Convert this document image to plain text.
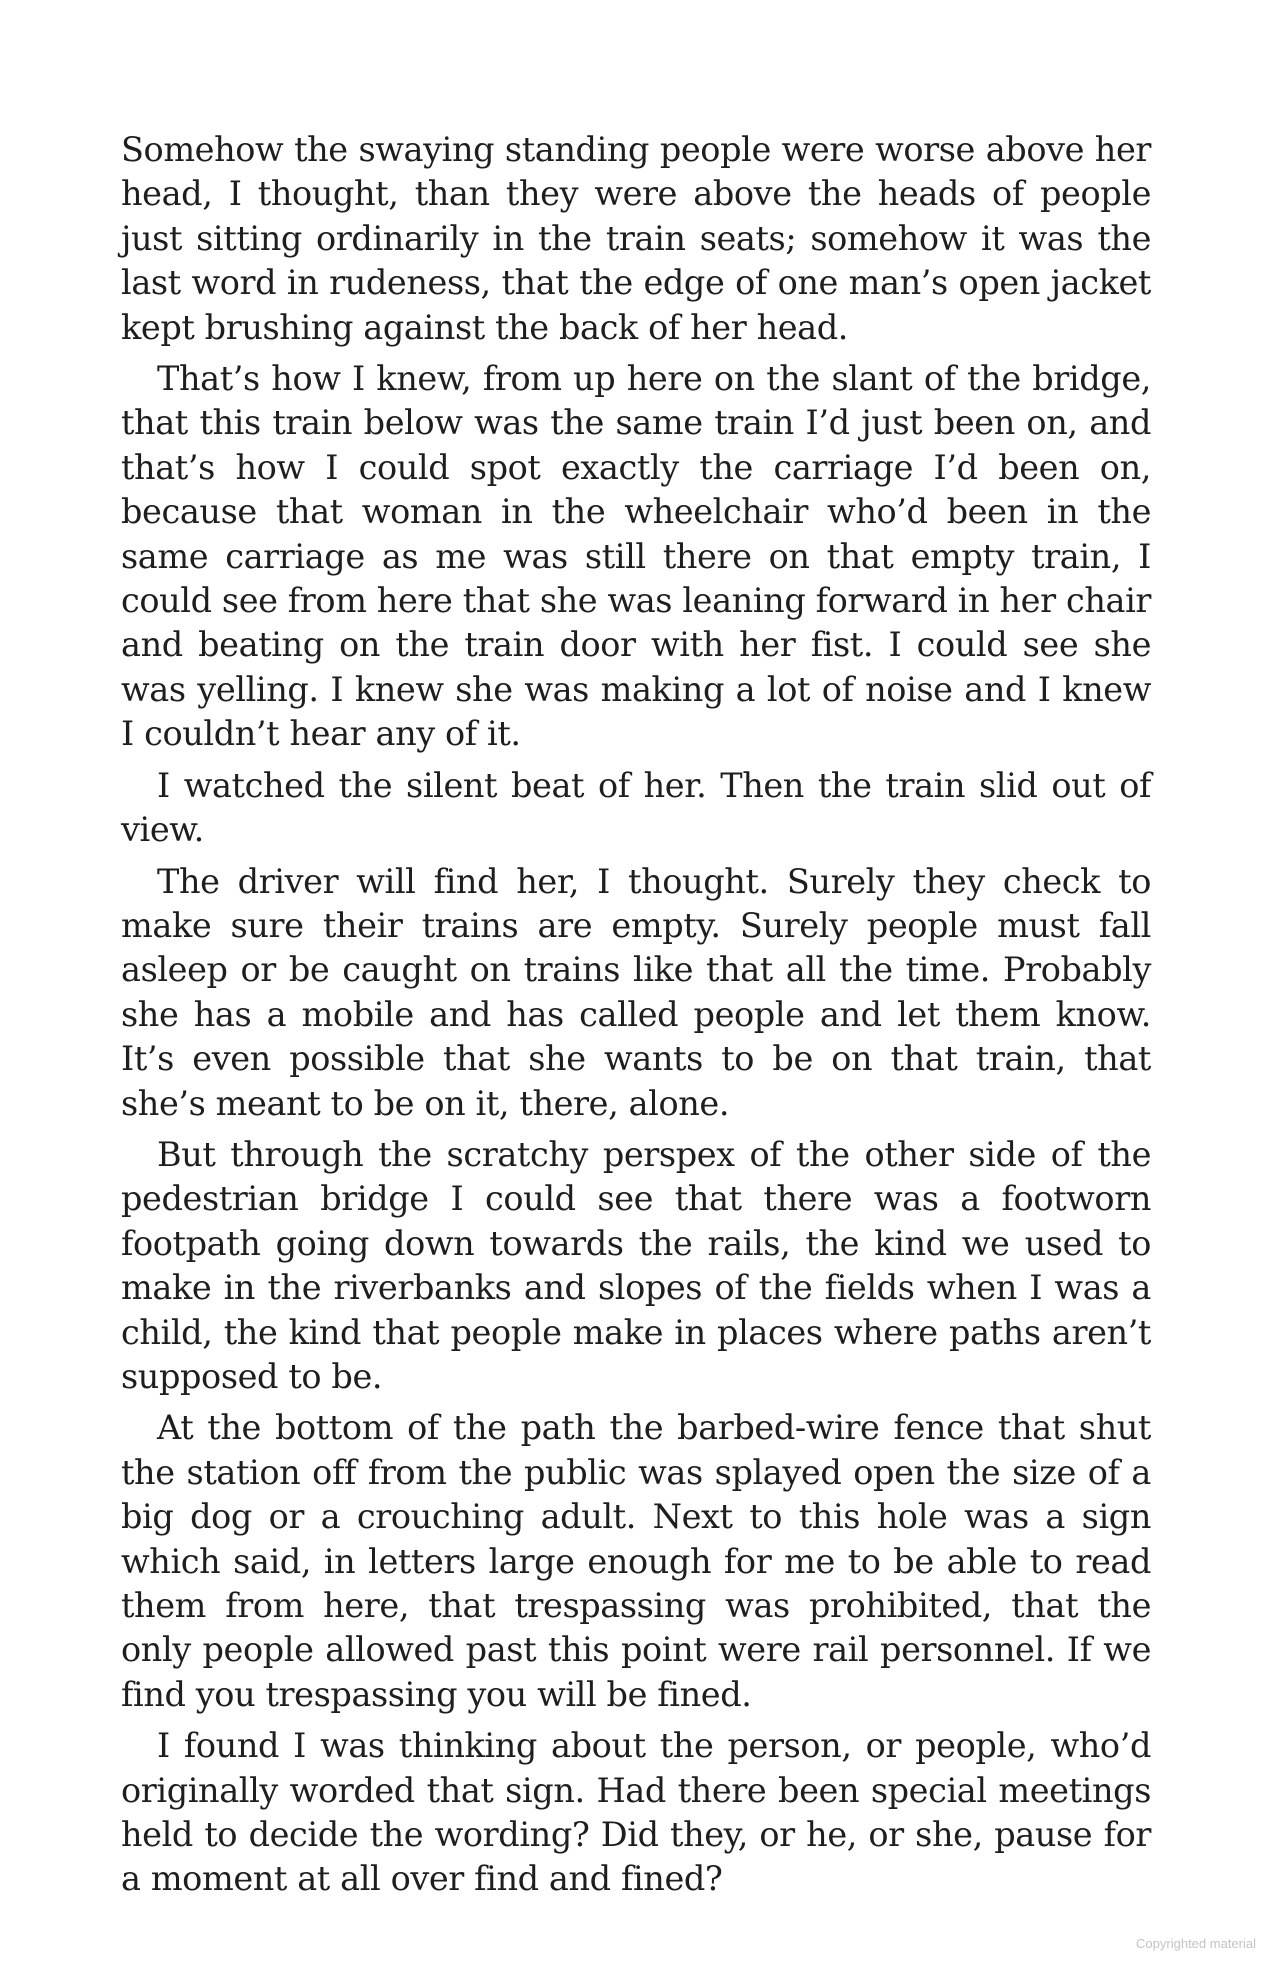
Somehow the swaying standing people were worse above her head, I thought, than they were above the heads of people just sitting ordinarily in the train seats; somehow it was the last word in rudeness, that the edge of one man’s open jacket kept brushing against the back of her head.

That’s how I knew, from up here on the slant of the bridge, that this train below was the same train I’d just been on, and that’s how I could spot exactly the carriage I’d been on, because that woman in the wheelchair who’d been in the same carriage as me was still there on that empty train, I could see from here that she was leaning forward in her chair and beating on the train door with her fist. I could see she was yelling. I knew she was making a lot of noise and I knew I couldn’t hear any of it.

I watched the silent beat of her. Then the train slid out of view.

The driver will find her, I thought. Surely they check to make sure their trains are empty. Surely people must fall asleep or be caught on trains like that all the time. Probably she has a mobile and has called people and let them know. It’s even possible that she wants to be on that train, that she’s meant to be on it, there, alone.

But through the scratchy perspex of the other side of the pedestrian bridge I could see that there was a footworn footpath going down towards the rails, the kind we used to make in the riverbanks and slopes of the fields when I was a child, the kind that people make in places where paths aren’t supposed to be.

At the bottom of the path the barbed-wire fence that shut the station off from the public was splayed open the size of a big dog or a crouching adult. Next to this hole was a sign which said, in letters large enough for me to be able to read them from here, that trespassing was prohibited, that the only people allowed past this point were rail personnel. If we find you trespassing you will be fined.

I found I was thinking about the person, or people, who’d originally worded that sign. Had there been special meetings held to decide the wording? Did they, or he, or she, pause for a moment at all over find and fined?

Copyrighted material
